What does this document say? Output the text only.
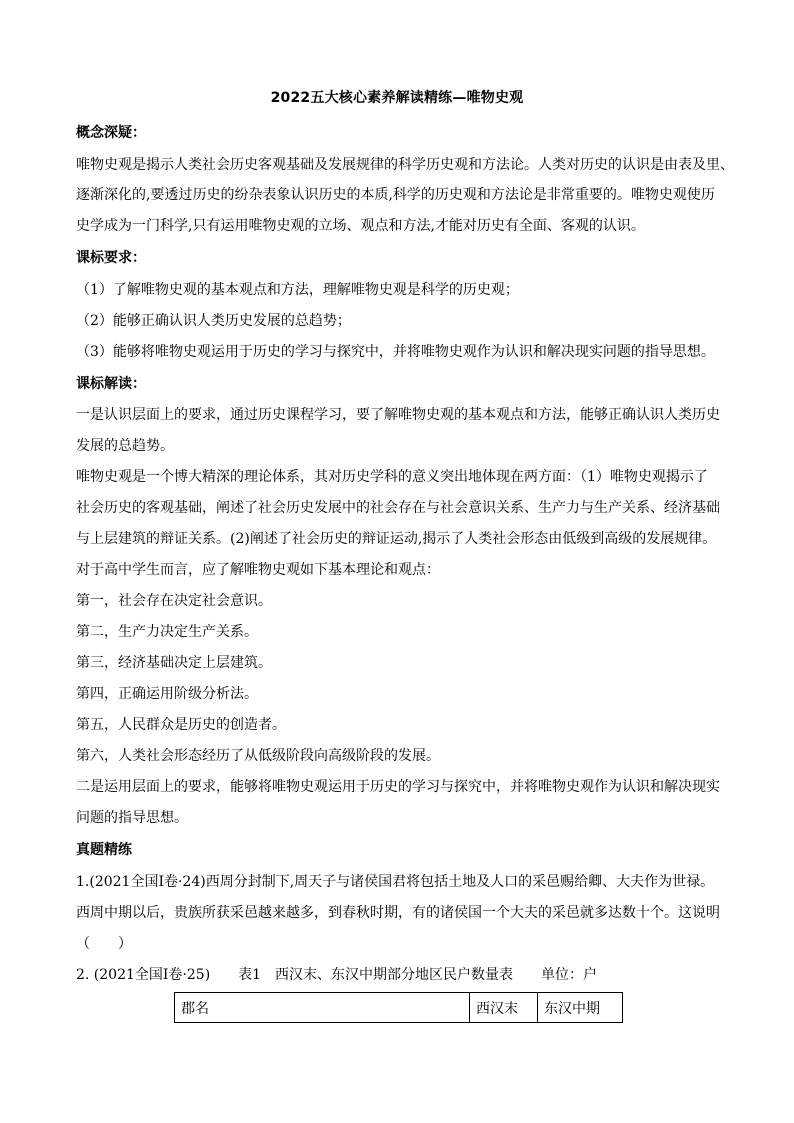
2022五大核心素养解读精练—唯物史观
概念深疑：
唯物史观是揭示人类社会历史客观基础及发展规律的科学历史观和方法论。人类对历史的认识是由表及里、
逐渐深化的,要透过历史的纷杂表象认识历史的本质,科学的历史观和方法论是非常重要的。唯物史观使历
史学成为一门科学,只有运用唯物史观的立场、观点和方法,才能对历史有全面、客观的认识。
课标要求：
（1）了解唯物史观的基本观点和方法，理解唯物史观是科学的历史观；
（2）能够正确认识人类历史发展的总趋势；
（3）能够将唯物史观运用于历史的学习与探究中，并将唯物史观作为认识和解决现实问题的指导思想。
课标解读：
一是认识层面上的要求，通过历史课程学习，要了解唯物史观的基本观点和方法，能够正确认识人类历史
发展的总趋势。
唯物史观是一个博大精深的理论体系，其对历史学科的意义突出地体现在两方面：（1）唯物史观揭示了
社会历史的客观基础，阐述了社会历史发展中的社会存在与社会意识关系、生产力与生产关系、经济基础
与上层建筑的辩证关系。(2)阐述了社会历史的辩证运动,揭示了人类社会形态由低级到高级的发展规律。
对于高中学生而言，应了解唯物史观如下基本理论和观点：
第一，社会存在决定社会意识。
第二，生产力决定生产关系。
第三，经济基础决定上层建筑。
第四，正确运用阶级分析法。
第五，人民群众是历史的创造者。
第六，人类社会形态经历了从低级阶段向高级阶段的发展。
二是运用层面上的要求，能够将唯物史观运用于历史的学习与探究中，并将唯物史观作为认识和解决现实
问题的指导思想。
真题精练
1.(2021全国Ⅰ卷·24)西周分封制下,周天子与诸侯国君将包括土地及人口的采邑赐给卿、大夫作为世禄。
西周中期以后，贵族所获采邑越来越多，到春秋时期，有的诸侯国一个大夫的采邑就多达数十个。这说明
（　　）
2. (2021全国Ⅰ卷·25)　　表1　西汉末、东汉中期部分地区民户数量表　　单位：户
郡名	西汉末	东汉中期
